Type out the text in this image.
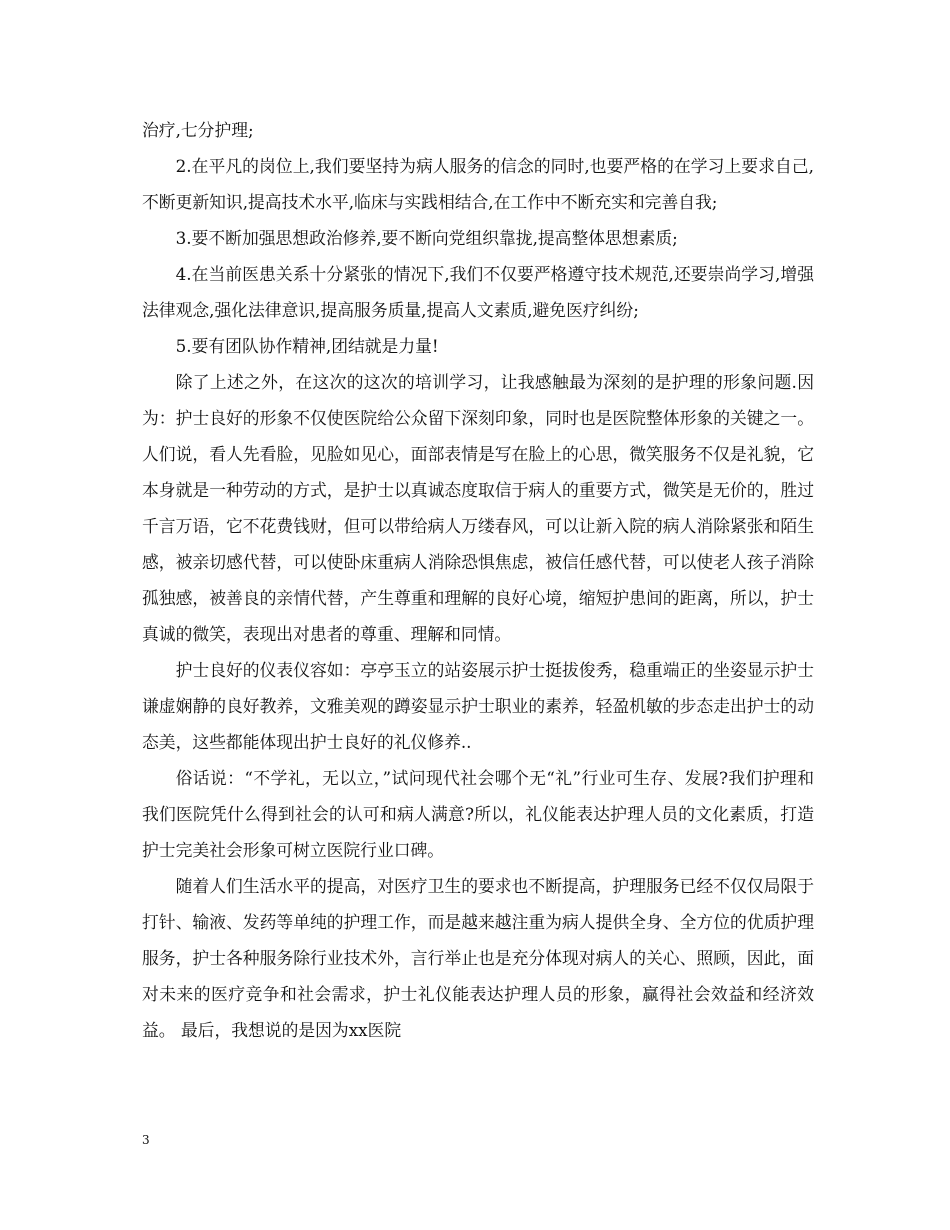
治疗,七分护理;

2.在平凡的岗位上,我们要坚持为病人服务的信念的同时,也要严格的在学习上要求自己,不断更新知识,提高技术水平,临床与实践相结合,在工作中不断充实和完善自我;

3.要不断加强思想政治修养,要不断向党组织靠拢,提高整体思想素质;

4.在当前医患关系十分紧张的情况下,我们不仅要严格遵守技术规范,还要崇尚学习,增强法律观念,强化法律意识,提高服务质量,提高人文素质,避免医疗纠纷;

5.要有团队协作精神,团结就是力量!

除了上述之外，在这次的这次的培训学习，让我感触最为深刻的是护理的形象问题.因为：护士良好的形象不仅使医院给公众留下深刻印象，同时也是医院整体形象的关键之一。人们说，看人先看脸，见脸如见心，面部表情是写在脸上的心思，微笑服务不仅是礼貌，它本身就是一种劳动的方式，是护士以真诚态度取信于病人的重要方式，微笑是无价的，胜过千言万语，它不花费钱财，但可以带给病人万缕春风，可以让新入院的病人消除紧张和陌生感，被亲切感代替，可以使卧床重病人消除恐惧焦虑，被信任感代替，可以使老人孩子消除孤独感，被善良的亲情代替，产生尊重和理解的良好心境，缩短护患间的距离，所以，护士真诚的微笑，表现出对患者的尊重、理解和同情。

护士良好的仪表仪容如：亭亭玉立的站姿展示护士挺拔俊秀，稳重端正的坐姿显示护士谦虚娴静的良好教养，文雅美观的蹲姿显示护士职业的素养，轻盈机敏的步态走出护士的动态美，这些都能体现出护士良好的礼仪修养..

俗话说：“不学礼，无以立，”试问现代社会哪个无“礼”行业可生存、发展?我们护理和我们医院凭什么得到社会的认可和病人满意?所以，礼仪能表达护理人员的文化素质，打造护士完美社会形象可树立医院行业口碑。

随着人们生活水平的提高，对医疗卫生的要求也不断提高，护理服务已经不仅仅局限于打针、输液、发药等单纯的护理工作，而是越来越注重为病人提供全身、全方位的优质护理服务，护士各种服务除行业技术外，言行举止也是充分体现对病人的关心、照顾，因此，面对未来的医疗竞争和社会需求，护士礼仪能表达护理人员的形象，赢得社会效益和经济效益。 最后，我想说的是因为xx医院

3
